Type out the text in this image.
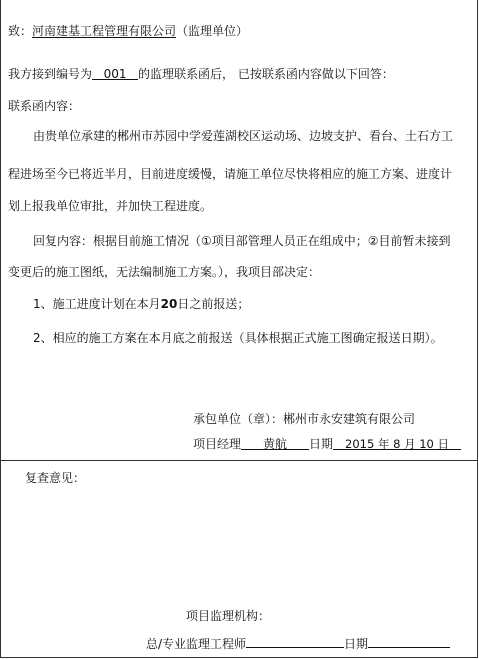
致：河南建基工程管理有限公司（监理单位）
我方接到编号为 001 的监理联系函后， 已按联系函内容做以下回答：
联系函内容：
由贵单位承建的郴州市苏园中学爱莲湖校区运动场、边坡支护、看台、土石方工
程进场至今已将近半月，目前进度缓慢，请施工单位尽快将相应的施工方案、进度计
划上报我单位审批，并加快工程进度。
回复内容：根据目前施工情况（①项目部管理人员正在组成中；②目前暂未接到
变更后的施工图纸，无法编制施工方案。），我项目部决定：
1、施工进度计划在本月20日之前报送；
2、相应的施工方案在本月底之前报送（具体根据正式施工图确定报送日期）。
承包单位（章）：郴州市永安建筑有限公司
项目经理 黄航 日期 2015 年 8 月 10 日
复查意见：
项目监理机构：
总/专业监理工程师	日期
